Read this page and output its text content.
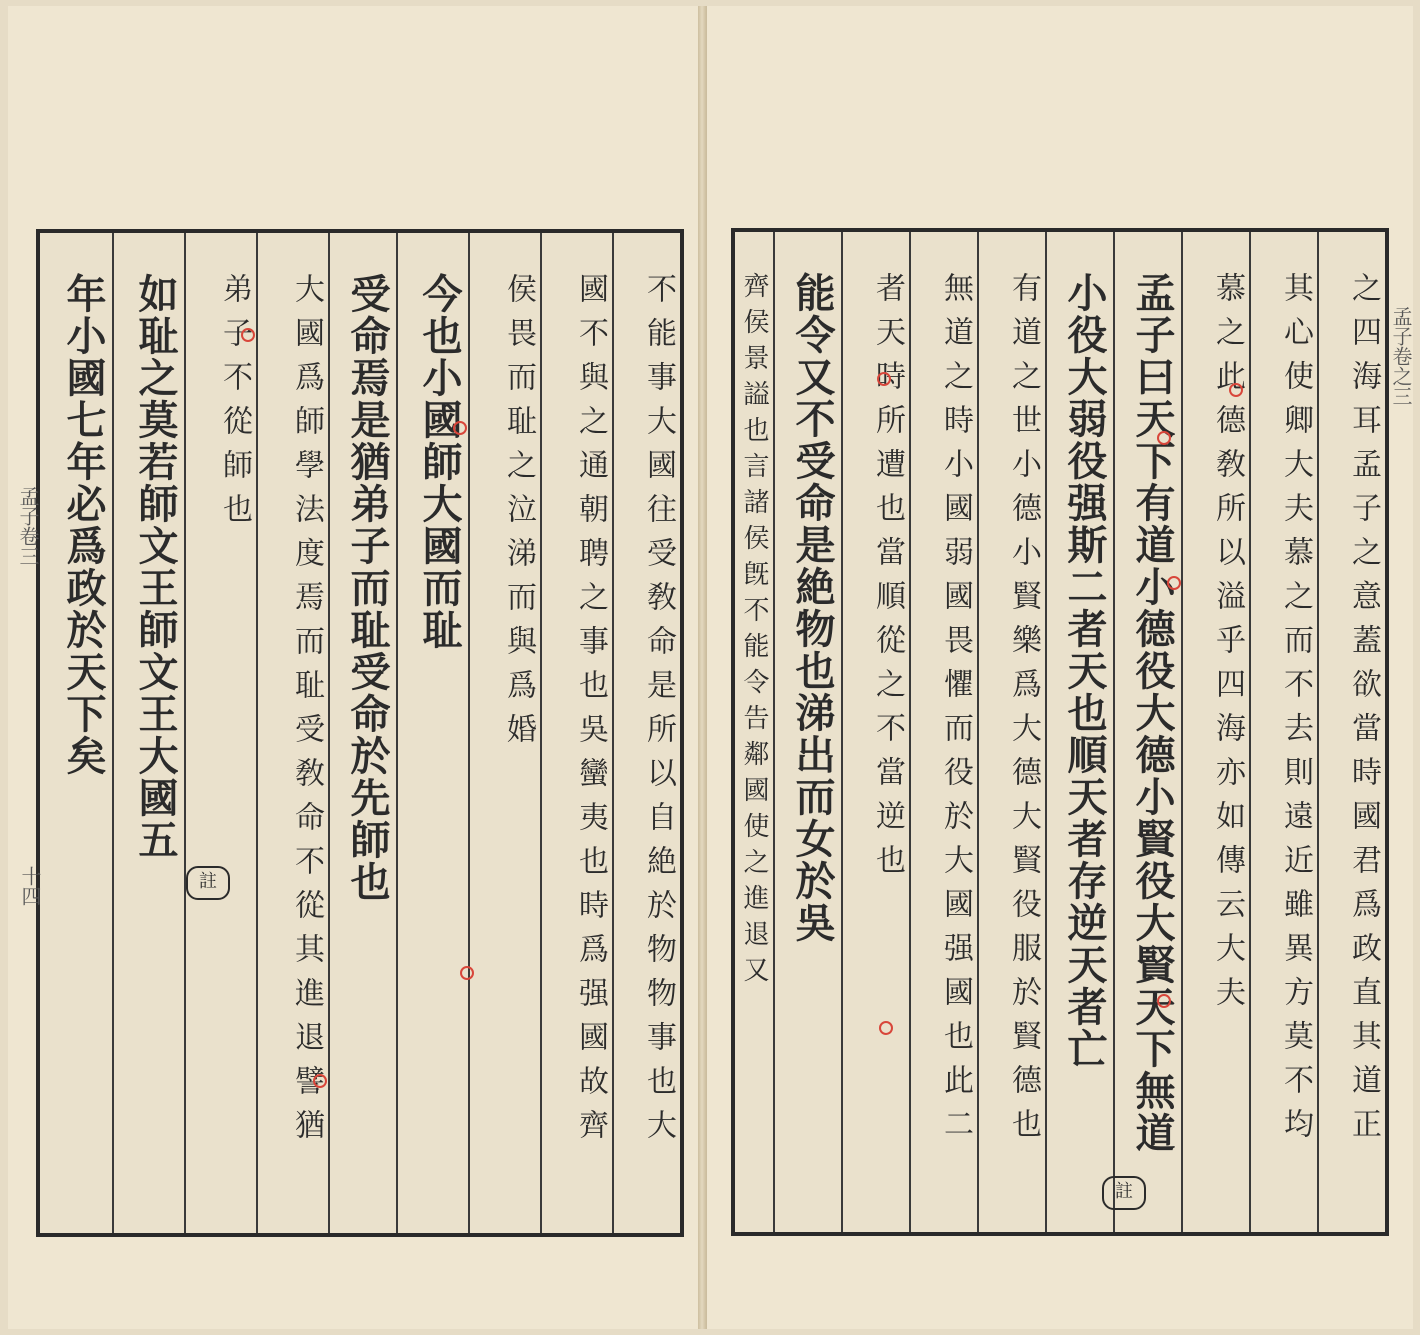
不能事大國往受敎命是所以自絶於物物事也大
國不與之通朝聘之事也吳蠻夷也時爲强國故齊
侯畏而耻之泣涕而與爲婚
今也小國師大國而耻
受命焉是猶弟子而耻受命於先師也
大國爲師學法度焉而耻受敎命不從其進退譬猶
弟子不從師也
如耻之莫若師文王師文王大國五
年小國七年必爲政於天下矣
孟子卷三
十四	註	之四海耳孟子之意蓋欲當時國君爲政直其道正
其心使卿大夫慕之而不去則遠近雖異方莫不均
慕之此德敎所以溢乎四海亦如傳云大夫
孟子曰天下有道小德役大德小賢役大賢天下無道
小役大弱役强斯二者天也順天者存逆天者亡
有道之世小德小賢樂爲大德大賢役服於賢德也
無道之時小國弱國畏懼而役於大國强國也此二
者天時所遭也當順從之不當逆也
能令又不受命是絶物也涕出而女於吳
齊侯景謚也言諸侯旣不能令告鄰國使之進退又	孟子卷之三
註
